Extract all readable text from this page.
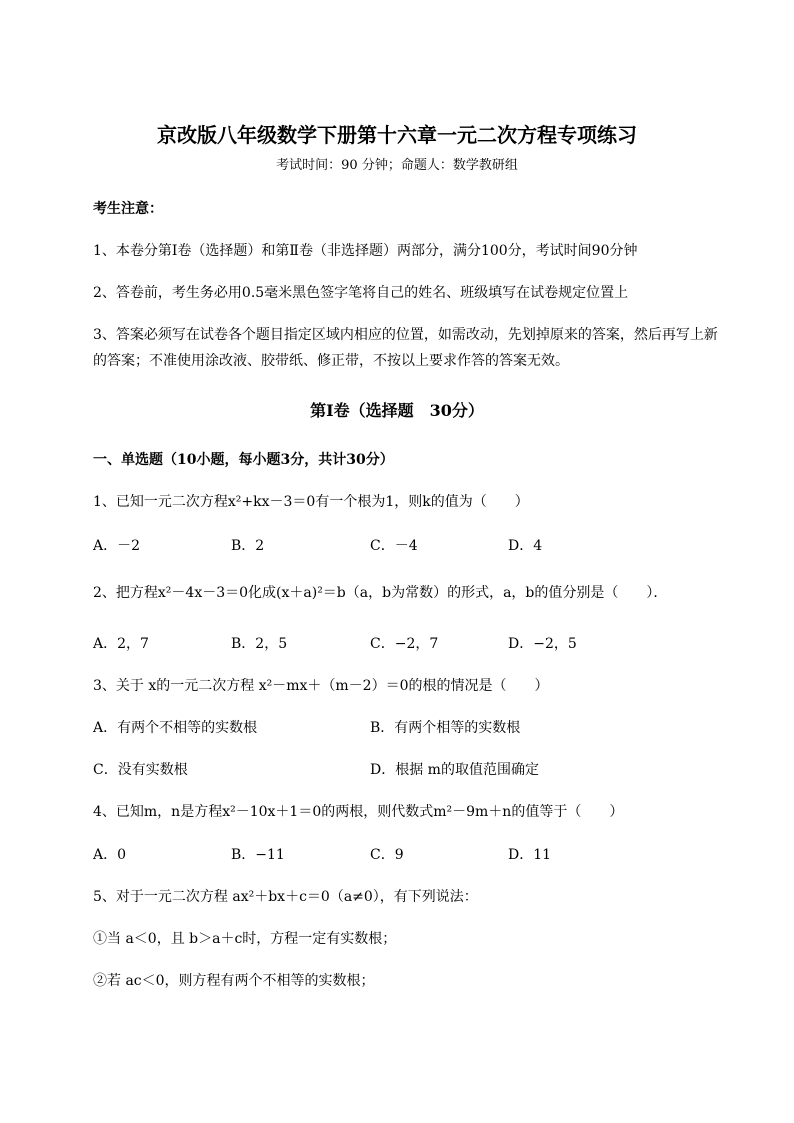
京改版八年级数学下册第十六章一元二次方程专项练习
考试时间：90 分钟；命题人：数学教研组
考生注意：
1、本卷分第I卷（选择题）和第Ⅱ卷（非选择题）两部分，满分100分，考试时间90分钟
2、答卷前，考生务必用0.5毫米黑色签字笔将自己的姓名、班级填写在试卷规定位置上
3、答案必须写在试卷各个题目指定区域内相应的位置，如需改动，先划掉原来的答案，然后再写上新
的答案；不准使用涂改液、胶带纸、修正带，不按以上要求作答的答案无效。
第I卷（选择题　30分）
一、单选题（10小题，每小题3分，共计30分）
1、已知一元二次方程x²+kx－3＝0有一个根为1，则k的值为（　　）
A．－2	B．2	C．－4	D．4
2、把方程x²－4x－3＝0化成(x＋a)²＝b（a，b为常数）的形式，a，b的值分别是（　　）．
A．2，7	B．2，5	C．−2，7	D．−2，5
3、关于 x的一元二次方程 x²－mx＋（m－2）＝0的根的情况是（　　）
A．有两个不相等的实数根	B．有两个相等的实数根
C．没有实数根	D．根据 m的取值范围确定
4、已知m，n是方程x²－10x＋1＝0的两根，则代数式m²－9m＋n的值等于（　　）
A．0	B．−11	C．9	D．11
5、对于一元二次方程 ax²＋bx＋c＝0（a≠0），有下列说法：
①当 a＜0，且 b＞a＋c时，方程一定有实数根；
②若 ac＜0，则方程有两个不相等的实数根；
